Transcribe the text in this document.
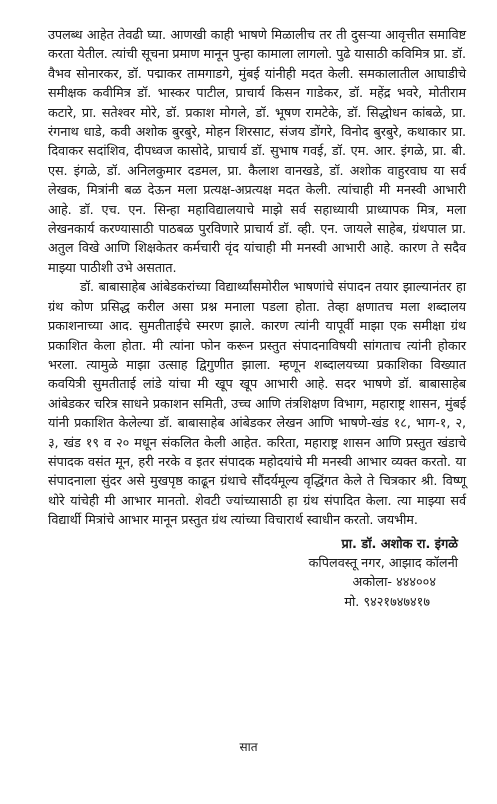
उपलब्ध आहेत तेवढी घ्या. आणखी काही भाषणे मिळालीच तर ती दुसऱ्या आवृत्तीत समाविष्ट करता येतील. त्यांची सूचना प्रमाण मानून पुन्हा कामाला लागलो. पुढे यासाठी कविमित्र प्रा. डॉ. वैभव सोनारकर, डॉ. पद्माकर तामगाडगे, मुंबई यांनीही मदत केली. समकालातील आघाडीचे समीक्षक कवीमित्र डॉ. भास्कर पाटील, प्राचार्य किसन गाडेकर, डॉ. महेंद्र भवरे, मोतीराम कटारे, प्रा. सतेश्वर मोरे, डॉ. प्रकाश मोगले, डॉ. भूषण रामटेके, डॉ. सिद्धोधन कांबळे, प्रा. रंगनाथ धाडे, कवी अशोक बुरबुरे, मोहन शिरसाट, संजय डोंगरे, विनोद बुरबुरे, कथाकार प्रा. दिवाकर सदांशिव, दीपध्वज कासोदे, प्राचार्य डॉ. सुभाष गवई, डॉ. एम. आर. इंगळे, प्रा. बी. एस. इंगळे, डॉ. अनिलकुमार दडमल, प्रा. कैलाश वानखडे, डॉ. अशोक वाहुरवाघ या सर्व लेखक, मित्रांनी बळ देऊन मला प्रत्यक्ष-अप्रत्यक्ष मदत केली. त्यांचाही मी मनस्वी आभारी आहे. डॉ. एच. एन. सिन्हा महाविद्यालयाचे माझे सर्व सहाध्यायी प्राध्यापक मित्र, मला लेखनकार्य करण्यासाठी पाठबळ पुरविणारे प्राचार्य डॉ. व्ही. एन. जायले साहेब, ग्रंथपाल प्रा. अतुल विखे आणि शिक्षकेतर कर्मचारी वृंद यांचाही मी मनस्वी आभारी आहे. कारण ते सदैव माझ्या पाठीशी उभे असतात.

डॉ. बाबासाहेब आंबेडकरांच्या विद्यार्थ्यांसमोरील भाषणांचे संपादन तयार झाल्यानंतर हा ग्रंथ कोण प्रसिद्ध करील असा प्रश्न मनाला पडला होता. तेव्हा क्षणातच मला शब्दालय प्रकाशनाच्या आद. सुमतीताईचे स्मरण झाले. कारण त्यांनी यापूर्वी माझा एक समीक्षा ग्रंथ प्रकाशित केला होता. मी त्यांना फोन करून प्रस्तुत संपादनाविषयी सांगताच त्यांनी होकार भरला. त्यामुळे माझा उत्साह द्विगुणीत झाला. म्हणून शब्दालयच्या प्रकाशिका विख्यात कवयित्री सुमतीताई लांडे यांचा मी खूप खूप आभारी आहे. सदर भाषणे डॉ. बाबासाहेब आंबेडकर चरित्र साधने प्रकाशन समिती, उच्च आणि तंत्रशिक्षण विभाग, महाराष्ट्र शासन, मुंबई यांनी प्रकाशित केलेल्या डॉ. बाबासाहेब आंबेडकर लेखन आणि भाषणे-खंड १८, भाग-१, २, ३, खंड १९ व २० मधून संकलित केली आहेत. करिता, महाराष्ट्र शासन आणि प्रस्तुत खंडाचे संपादक वसंत मून, हरी नरके व इतर संपादक महोदयांचे मी मनस्वी आभार व्यक्त करतो. या संपादनाला सुंदर असे मुखपृष्ठ काढून ग्रंथाचे सौंदर्यमूल्य वृद्धिंगत केले ते चित्रकार श्री. विष्णू थोरे यांचेही मी आभार मानतो. शेवटी ज्यांच्यासाठी हा ग्रंथ संपादित केला. त्या माझ्या सर्व विद्यार्थी मित्रांचे आभार मानून प्रस्तुत ग्रंथ त्यांच्या विचारार्थ स्वाधीन करतो. जयभीम.

प्रा. डॉ. अशोक रा. इंगळे
कपिलवस्तू नगर, आझाद कॉलनी
अकोला- ४४४००४
मो. ९४२१७४७४१७
सात
